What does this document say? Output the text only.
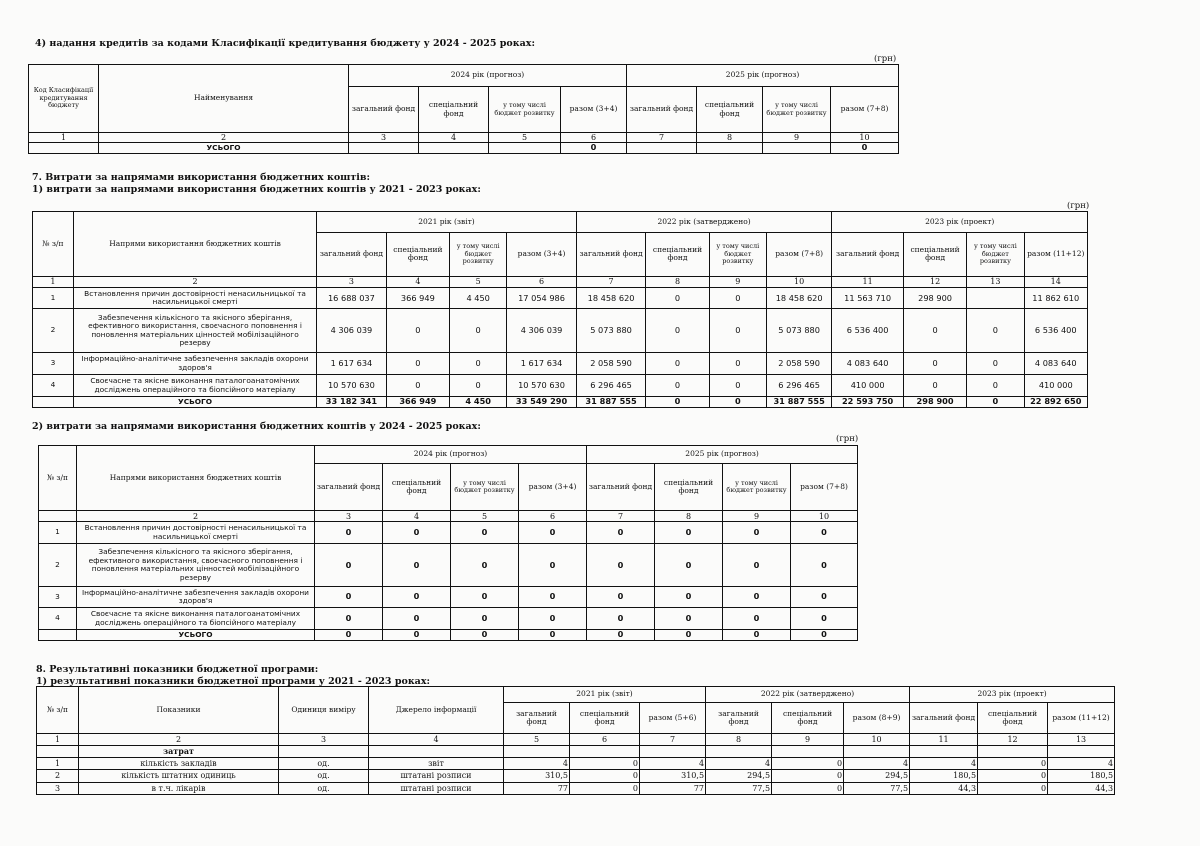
4) надання кредитів за кодами Класифікації кредитування бюджету у 2024 - 2025 роках:
(грн)
Код Класифікації кредитування бюджету	Найменування	2024 рік (прогноз)				2025 рік (прогноз)			
		загальний фонд	спеціальний фонд	у тому числі бюджет розвитку	разом (3+4)	загальний фонд	спеціальний фонд	у тому числі бюджет розвитку	разом (7+8)
1	2	3	4	5	6	7	8	9	10
	УСЬОГО				0				0
7. Витрати за напрямами використання бюджетних коштів:
1) витрати за напрямами використання бюджетних коштів у 2021 - 2023 роках:
(грн)
№ з/п	Напрями використання бюджетних коштів	2021 рік (звіт)				2022 рік (затверджено)				2023 рік (проект)			
		загальний фонд	спеціальний фонд	у тому числі бюджет розвитку	разом (3+4)	загальний фонд	спеціальний фонд	у тому числі бюджет розвитку	разом (7+8)	загальний фонд	спеціальний фонд	у тому числі бюджет розвитку	разом (11+12)
1	2	3	4	5	6	7	8	9	10	11	12	13	14
1	Встановлення причин достовірності ненасильницької та насильницької смерті	16 688 037	366 949	4 450	17 054 986	18 458 620	0	0	18 458 620	11 563 710	298 900		11 862 610
2	Забезпечення кількісного та якісного зберігання, ефективного використання, своєчасного поповнення і поновлення матеріальних цінностей мобілізаційного резерву	4 306 039	0	0	4 306 039	5 073 880	0	0	5 073 880	6 536 400	0	0	6 536 400
3	Інформаційно-аналітичне забезпечення закладів охорони здоров'я	1 617 634	0	0	1 617 634	2 058 590	0	0	2 058 590	4 083 640	0	0	4 083 640
4	Своєчасне та якісне виконання паталогоанатомічних досліджень операційного та біопсійного матеріалу	10 570 630	0	0	10 570 630	6 296 465	0	0	6 296 465	410 000	0	0	410 000
	УСЬОГО	33 182 341	366 949	4 450	33 549 290	31 887 555	0	0	31 887 555	22 593 750	298 900	0	22 892 650
2) витрати за напрямами використання бюджетних коштів у 2024 - 2025 роках:
(грн)
№ з/п	Напрями використання бюджетних коштів	2024 рік (прогноз)				2025 рік (прогноз)			
		загальний фонд	спеціальний фонд	у тому числі бюджет розвитку	разом (3+4)	загальний фонд	спеціальний фонд	у тому числі бюджет розвитку	разом (7+8)
	2	3	4	5	6	7	8	9	10
1	Встановлення причин достовірності ненасильницької та насильницької смерті	0	0	0	0	0	0	0	0
2	Забезпечення кількісного та якісного зберігання, ефективного використання, своєчасного поповнення і поновлення матеріальних цінностей мобілізаційного резерву	0	0	0	0	0	0	0	0
3	Інформаційно-аналітичне забезпечення закладів охорони здоров'я	0	0	0	0	0	0	0	0
4	Своєчасне та якісне виконання паталогоанатомічних досліджень операційного та біопсійного матеріалу	0	0	0	0	0	0	0	0
	УСЬОГО	0	0	0	0	0	0	0	0
8. Результативні показники бюджетної програми:
1) результативні показники бюджетної програми у 2021 - 2023 роках:
№ з/п	Показники	Одиниця виміру	Джерело інформації	2021 рік (звіт)			2022 рік (затверджено)			2023 рік (проект)		
				загальний фонд	спеціальний фонд	разом (5+6)	загальний фонд	спеціальний фонд	разом (8+9)	загальний фонд	спеціальний фонд	разом (11+12)
1	2	3	4	5	6	7	8	9	10	11	12	13
	затрат											
1	кількість закладів	од.	звіт	4	0	4	4	0	4	4	0	4
2	кількість штатних одиниць	од.	штатані розписи	310,5	0	310,5	294,5	0	294,5	180,5	0	180,5
3	в т.ч. лікарів	од.	штатані розписи	77	0	77	77,5	0	77,5	44,3	0	44,3
